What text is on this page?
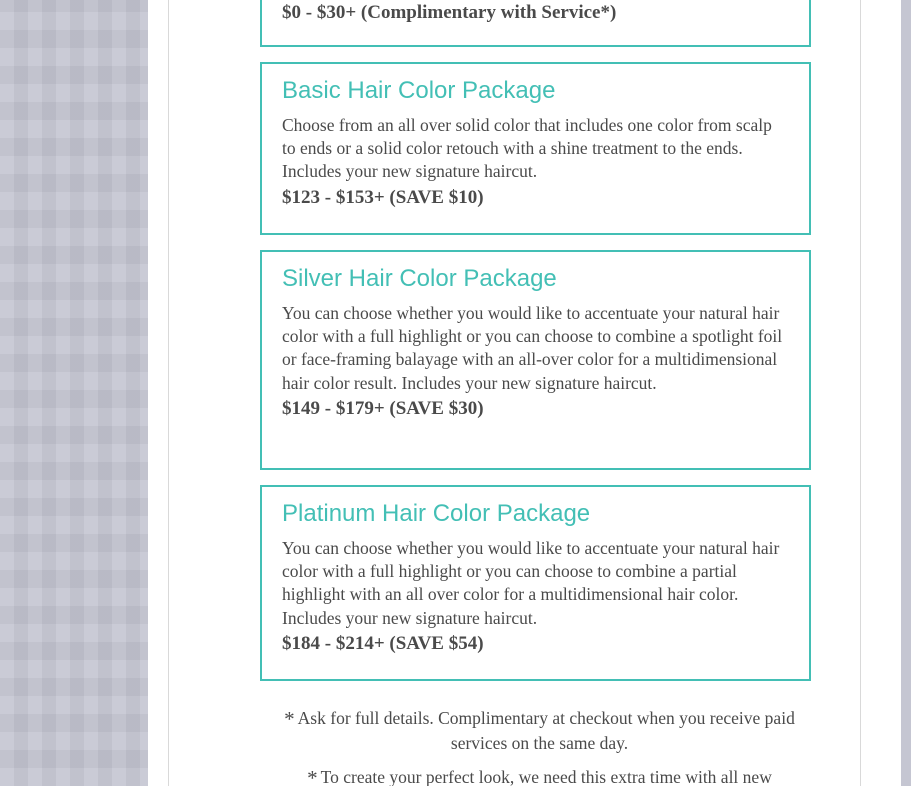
$0 - $30+ (Complimentary with Service*)
Basic Hair Color Package

Choose from an all over solid color that includes one color from scalp to ends or a solid color retouch with a shine treatment to the ends. Includes your new signature haircut.

$123 - $153+ (SAVE $10)
Silver Hair Color Package

You can choose whether you would like to accentuate your natural hair color with a full highlight or you can choose to combine a spotlight foil or face-framing balayage with an all-over color for a multidimensional hair color result. Includes your new signature haircut.

$149 - $179+ (SAVE $30)
Platinum Hair Color Package

You can choose whether you would like to accentuate your natural hair color with a full highlight or you can choose to combine a partial highlight with an all over color for a multidimensional hair color. Includes your new signature haircut.

$184 - $214+ (SAVE $54)

* Ask for full details. Complimentary at checkout when you receive paid services on the same day.

* To create your perfect look, we need this extra time with all new
